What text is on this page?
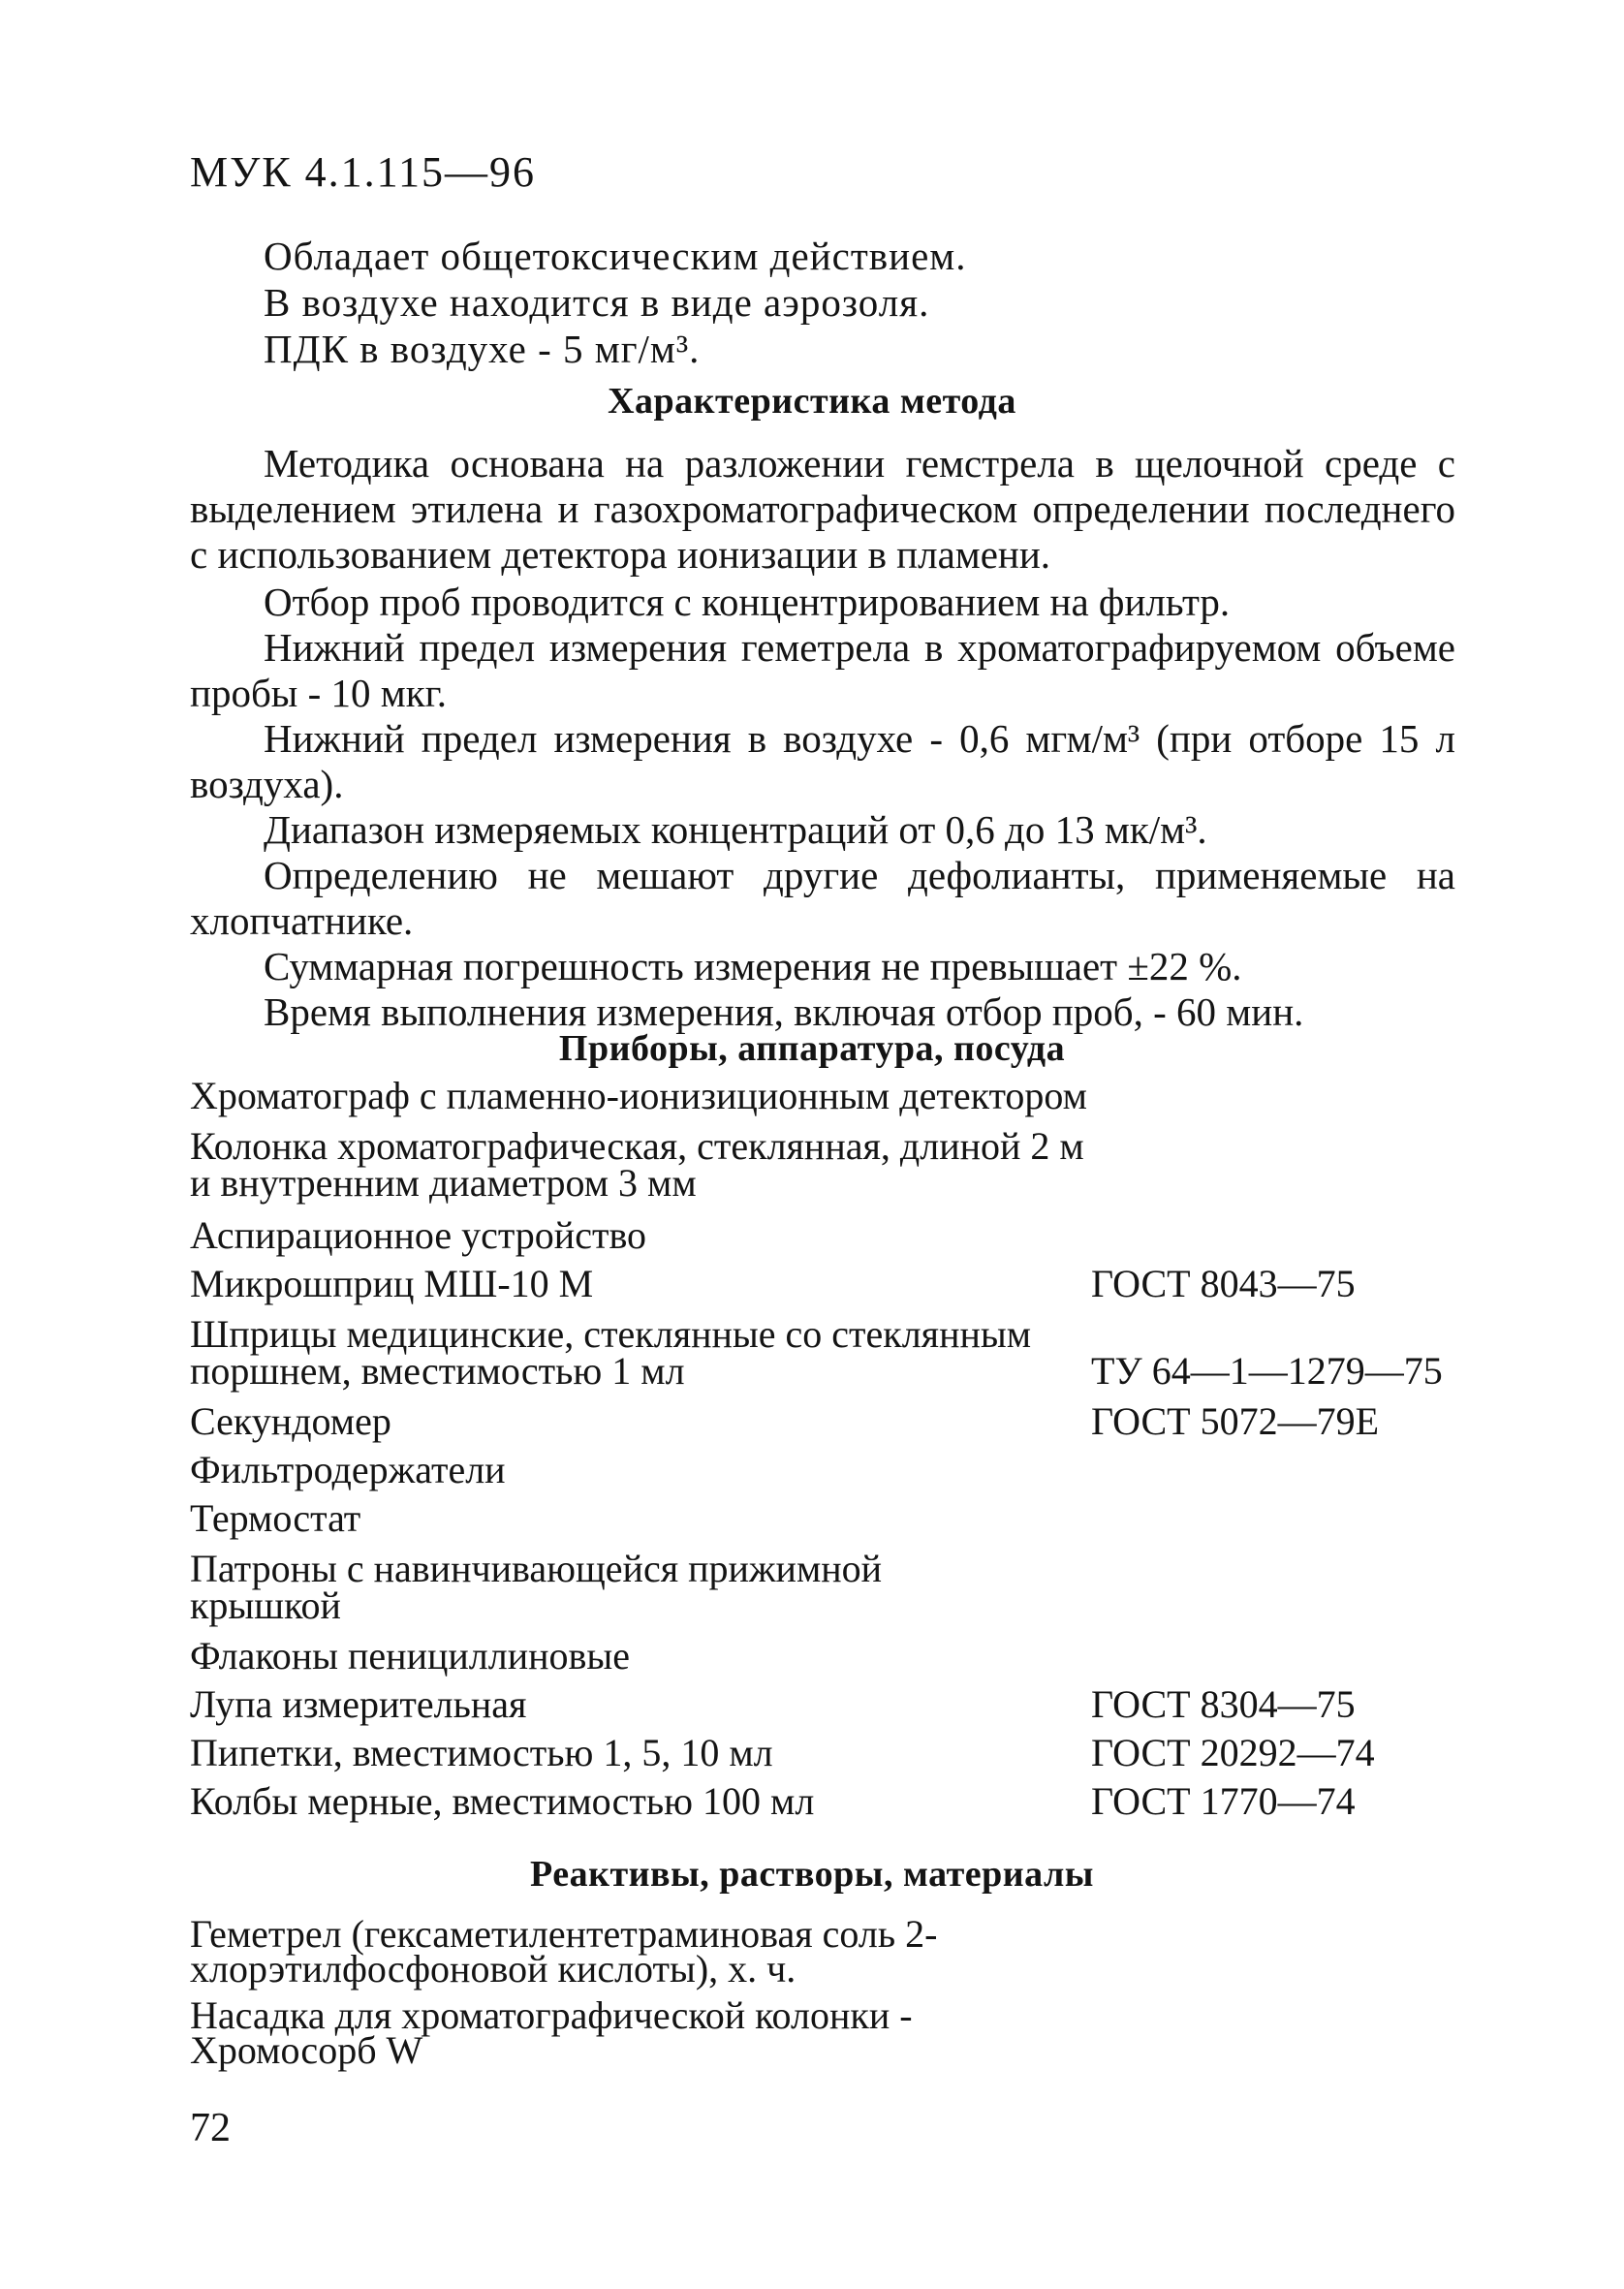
МУК 4.1.115—96

Обладает общетоксическим действием.

В воздухе находится в виде аэрозоля.

ПДК в воздухе - 5 мг/м³.

Характеристика метода

Методика основана на разложении гемстрела в щелочной среде с выделением этилена и газохроматографическом определении последнего с использованием детектора ионизации в пламени.

Отбор проб проводится с концентрированием на фильтр.

Нижний предел измерения геметрела в хроматографируемом объеме пробы - 10 мкг.

Нижний предел измерения в воздухе - 0,6 мгм/м³ (при отборе 15 л воздуха).

Диапазон измеряемых концентраций от 0,6 до 13 мк/м³.

Определению не мешают другие дефолианты, применяемые на хлопчатнике.

Суммарная погрешность измерения не превышает ±22 %.

Время выполнения измерения, включая отбор проб, - 60 мин.

Приборы, аппаратура, посуда
Хроматограф с пламенно-ионизиционным детектором
Колонка хроматографическая, стеклянная, длиной 2 м и внутренним диаметром 3 мм
Аспирационное устройство
Микрошприц МШ-10 М	ГОСТ 8043—75
Шприцы медицинские, стеклянные со стеклянным поршнем, вместимостью 1 мл	ТУ 64—1—1279—75
Секундомер	ГОСТ 5072—79Е
Фильтродержатели
Термостат
Патроны с навинчивающейся прижимной крышкой
Флаконы пенициллиновые
Лупа измерительная	ГОСТ 8304—75
Пипетки, вместимостью 1, 5, 10 мл	ГОСТ 20292—74
Колбы мерные, вместимостью 100 мл	ГОСТ 1770—74
Реактивы, растворы, материалы
Геметрел (гексаметилентетраминовая соль 2-хлорэтилфосфоновой кислоты), х. ч.
Насадка для хроматографической колонки - Хромосорб W
72
